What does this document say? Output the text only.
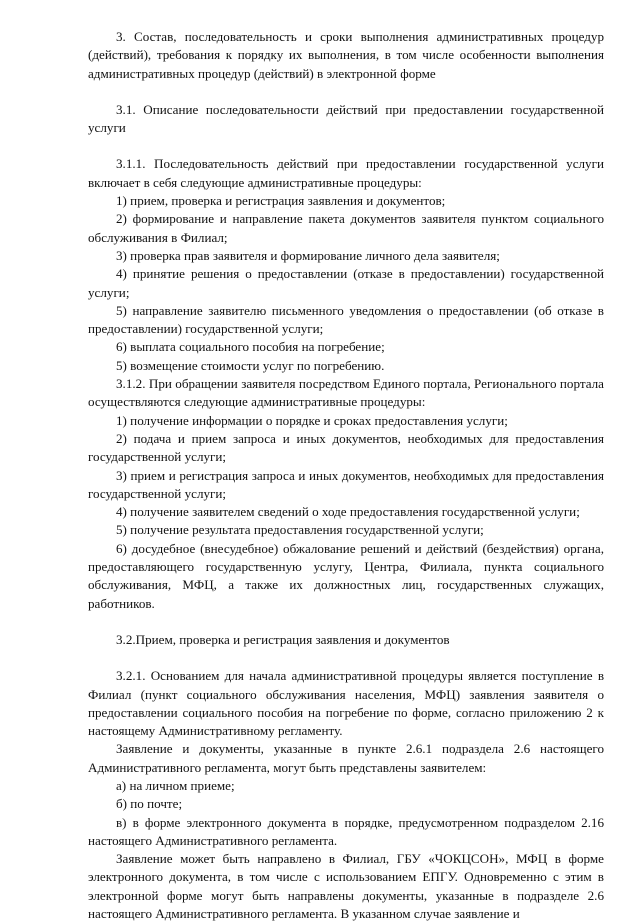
3. Состав, последовательность и сроки выполнения административных процедур (действий), требования к порядку их выполнения, в том числе особенности выполнения административных процедур (действий) в электронной форме

3.1. Описание последовательности действий при предоставлении государственной услуги

3.1.1. Последовательность действий при предоставлении государственной услуги включает в себя следующие административные процедуры:

1) прием, проверка и регистрация заявления и документов;

2) формирование и направление пакета документов заявителя пунктом социального обслуживания в Филиал;

3) проверка прав заявителя и формирование личного дела заявителя;

4) принятие решения о предоставлении (отказе в предоставлении) государственной услуги;

5) направление заявителю письменного уведомления о предоставлении (об отказе в предоставлении) государственной услуги;

6) выплата социального пособия на погребение;

5) возмещение стоимости услуг по погребению.

3.1.2. При обращении заявителя посредством Единого портала, Регионального портала осуществляются следующие административные процедуры:

1) получение информации о порядке и сроках предоставления услуги;

2) подача и прием запроса и иных документов, необходимых для предоставления государственной услуги;

3) прием и регистрация запроса и иных документов, необходимых для предоставления государственной услуги;

4) получение заявителем сведений о ходе предоставления государственной услуги;

5) получение результата предоставления государственной услуги;

6) досудебное (внесудебное) обжалование решений и действий (бездействия) органа, предоставляющего государственную услугу, Центра, Филиала, пункта социального обслуживания, МФЦ, а также их должностных лиц, государственных служащих, работников.

3.2.Прием, проверка и регистрация заявления и документов

3.2.1. Основанием для начала административной процедуры является поступление в Филиал (пункт социального обслуживания населения, МФЦ) заявления заявителя о предоставлении социального пособия на погребение по форме, согласно приложению 2 к настоящему Административному регламенту.

Заявление и документы, указанные в пункте 2.6.1 подраздела 2.6 настоящего Административного регламента, могут быть представлены заявителем:

а) на личном приеме;

б) по почте;

в) в форме электронного документа в порядке, предусмотренном подразделом 2.16 настоящего Административного регламента.

Заявление может быть направлено в Филиал, ГБУ «ЧОКЦСОН», МФЦ в форме электронного документа, в том числе с использованием ЕПГУ. Одновременно с этим в электронной форме могут быть направлены документы, указанные в подразделе 2.6 настоящего Административного регламента. В указанном случае заявление и
